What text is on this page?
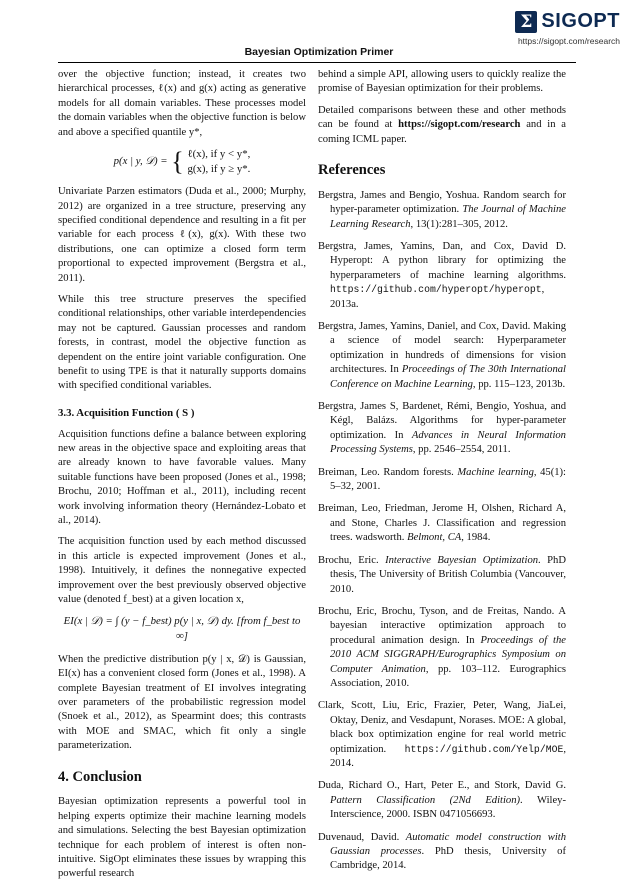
Σ SIGOPT
https://sigopt.com/research
Bayesian Optimization Primer

over the objective function; instead, it creates two hierarchical processes, ℓ(x) and g(x) acting as generative models for all domain variables. These processes model the domain variables when the objective function is below and above a specified quantile y*,

p(x | y, 𝒟) = { ℓ(x), if y < y*,
g(x), if y ≥ y*.

Univariate Parzen estimators (Duda et al., 2000; Murphy, 2012) are organized in a tree structure, preserving any specified conditional dependence and resulting in a fit per variable for each process ℓ(x), g(x). With these two distributions, one can optimize a closed form term proportional to expected improvement (Bergstra et al., 2011).

While this tree structure preserves the specified conditional relationships, other variable interdependencies may not be captured. Gaussian processes and random forests, in contrast, model the objective function as dependent on the entire joint variable configuration. One benefit to using TPE is that it naturally supports domains with specified conditional variables.

3.3. Acquisition Function ( S )

Acquisition functions define a balance between exploring new areas in the objective space and exploiting areas that are already known to have favorable values. Many suitable functions have been proposed (Jones et al., 1998; Brochu, 2010; Hoffman et al., 2011), including recent work involving information theory (Hernández-Lobato et al., 2014).

The acquisition function used by each method discussed in this article is expected improvement (Jones et al., 1998). Intuitively, it defines the nonnegative expected improvement over the best previously observed objective value (denoted f_best) at a given location x,

EI(x | 𝒟) = ∫ (y − f_best) p(y | x, 𝒟) dy. [from f_best to ∞]

When the predictive distribution p(y | x, 𝒟) is Gaussian, EI(x) has a convenient closed form (Jones et al., 1998). A complete Bayesian treatment of EI involves integrating over parameters of the probabilistic regression model (Snoek et al., 2012), as Spearmint does; this contrasts with MOE and SMAC, which fit only a single parameterization.

4. Conclusion

Bayesian optimization represents a powerful tool in helping experts optimize their machine learning models and simulations. Selecting the best Bayesian optimization technique for each problem of interest is often non-intuitive. SigOpt eliminates these issues by wrapping this powerful research

behind a simple API, allowing users to quickly realize the promise of Bayesian optimization for their problems.

Detailed comparisons between these and other methods can be found at https://sigopt.com/research and in a coming ICML paper.

References

Bergstra, James and Bengio, Yoshua. Random search for hyper-parameter optimization. The Journal of Machine Learning Research, 13(1):281–305, 2012.

Bergstra, James, Yamins, Dan, and Cox, David D. Hyperopt: A python library for optimizing the hyperparameters of machine learning algorithms. https://github.com/hyperopt/hyperopt, 2013a.

Bergstra, James, Yamins, Daniel, and Cox, David. Making a science of model search: Hyperparameter optimization in hundreds of dimensions for vision architectures. In Proceedings of The 30th International Conference on Machine Learning, pp. 115–123, 2013b.

Bergstra, James S, Bardenet, Rémi, Bengio, Yoshua, and Kégl, Balázs. Algorithms for hyper-parameter optimization. In Advances in Neural Information Processing Systems, pp. 2546–2554, 2011.

Breiman, Leo. Random forests. Machine learning, 45(1): 5–32, 2001.

Breiman, Leo, Friedman, Jerome H, Olshen, Richard A, and Stone, Charles J. Classification and regression trees. wadsworth. Belmont, CA, 1984.

Brochu, Eric. Interactive Bayesian Optimization. PhD thesis, The University of British Columbia (Vancouver, 2010.

Brochu, Eric, Brochu, Tyson, and de Freitas, Nando. A bayesian interactive optimization approach to procedural animation design. In Proceedings of the 2010 ACM SIGGRAPH/Eurographics Symposium on Computer Animation, pp. 103–112. Eurographics Association, 2010.

Clark, Scott, Liu, Eric, Frazier, Peter, Wang, JiaLei, Oktay, Deniz, and Vesdapunt, Norases. MOE: A global, black box optimization engine for real world metric optimization. https://github.com/Yelp/MOE, 2014.

Duda, Richard O., Hart, Peter E., and Stork, David G. Pattern Classification (2Nd Edition). Wiley-Interscience, 2000. ISBN 0471056693.

Duvenaud, David. Automatic model construction with Gaussian processes. PhD thesis, University of Cambridge, 2014.
